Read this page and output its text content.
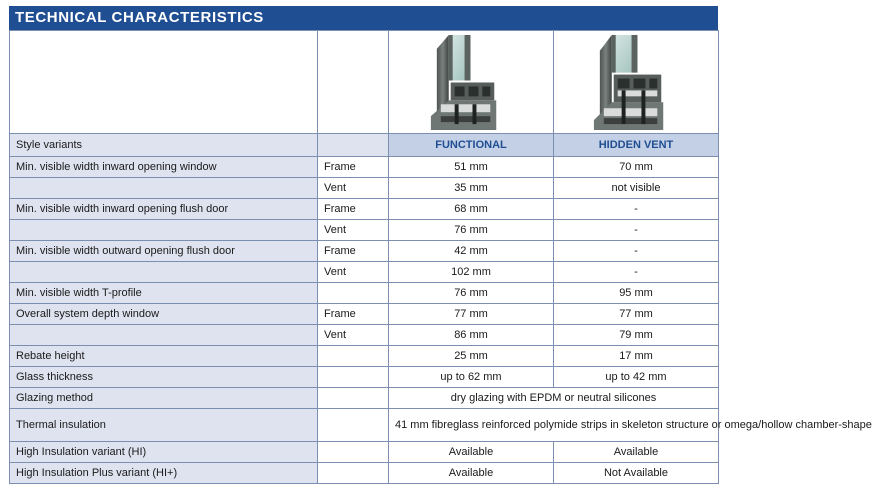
TECHNICAL CHARACTERISTICS

Style variants		FUNCTIONAL	HIDDEN VENT
Min. visible width inward opening window	Frame	51 mm	70 mm
	Vent	35 mm	not visible
Min. visible width inward opening flush door	Frame	68 mm	-
	Vent	76 mm	-
Min. visible width outward opening flush door	Frame	42 mm	-
	Vent	102 mm	-
Min. visible width T-profile		76 mm	95 mm
Overall system depth window	Frame	77 mm	77 mm
	Vent	86 mm	79 mm
Rebate height		25 mm	17 mm
Glass thickness		up to 62 mm	up to 42 mm
Glazing method		dry glazing with EPDM or neutral silicones	
Thermal insulation		41 mm fibreglass reinforced polymide strips in skeleton structure or omega/hollow chamber-shape	
High Insulation variant (HI)		Available	Available
High Insulation Plus variant (HI+)		Available	Not Available
